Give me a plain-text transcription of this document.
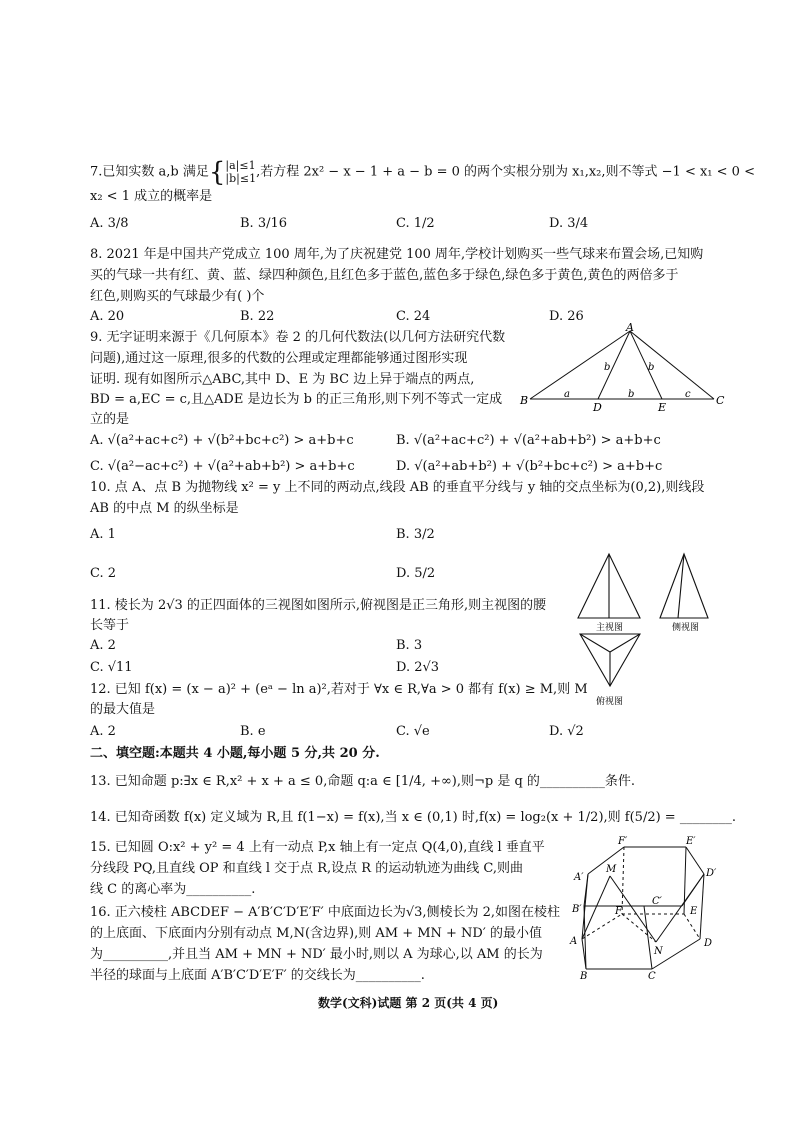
7.已知实数 a,b 满足{|a|≤1
|b|≤1,若方程 2x² − x − 1 + a − b = 0 的两个实根分别为 x₁,x₂,则不等式 −1 < x₁ < 0 <
x₂ < 1 成立的概率是
A. 3/8	B. 3/16	C. 1/2	D. 3/4
8. 2021 年是中国共产党成立 100 周年,为了庆祝建党 100 周年,学校计划购买一些气球来布置会场,已知购
买的气球一共有红、黄、蓝、绿四种颜色,且红色多于蓝色,蓝色多于绿色,绿色多于黄色,黄色的两倍多于
红色,则购买的气球最少有( )个
A. 20	B. 22	C. 24	D. 26
9. 无字证明来源于《几何原本》卷 2 的几何代数法(以几何方法研究代数
问题),通过这一原理,很多的代数的公理或定理都能够通过图形实现
证明. 现有如图所示△ABC,其中 D、E 为 BC 边上异于端点的两点,
BD = a,EC = c,且△ADE 是边长为 b 的正三角形,则下列不等式一定成
立的是
A. √(a²+ac+c²) + √(b²+bc+c²) > a+b+c	B. √(a²+ac+c²) + √(a²+ab+b²) > a+b+c
C. √(a²−ac+c²) + √(a²+ab+b²) > a+b+c	D. √(a²+ab+b²) + √(b²+bc+c²) > a+b+c
A
B	C
D	E
a	b	c
b	b
10. 点 A、点 B 为抛物线 x² = y 上不同的两动点,线段 AB 的垂直平分线与 y 轴的交点坐标为(0,2),则线段
AB 的中点 M 的纵坐标是
A. 1	B. 3/2
C. 2	D. 5/2
11. 棱长为 2√3 的正四面体的三视图如图所示,俯视图是正三角形,则主视图的腰
长等于
A. 2	B. 3
C. √11	D. 2√3
主视图	侧视图
俯视图
12. 已知 f(x) = (x − a)² + (eᵃ − ln a)²,若对于 ∀x ∈ R,∀a > 0 都有 f(x) ≥ M,则 M
的最大值是
A. 2	B. e	C. √e	D. √2
二、填空题:本题共 4 小题,每小题 5 分,共 20 分.
13. 已知命题 p:∃x ∈ R,x² + x + a ≤ 0,命题 q:a ∈ [1/4, +∞),则¬p 是 q 的__________条件.
14. 已知奇函数 f(x) 定义域为 R,且 f(1−x) = f(x),当 x ∈ (0,1) 时,f(x) = log₂(x + 1/2),则 f(5/2) = ________.
15. 已知圆 O:x² + y² = 4 上有一动点 P,x 轴上有一定点 Q(4,0),直线 l 垂直平
分线段 PQ,且直线 OP 和直线 l 交于点 R,设点 R 的运动轨迹为曲线 C,则曲
线 C 的离心率为__________.
16. 正六棱柱 ABCDEF − A′B′C′D′E′F′ 中底面边长为√3,侧棱长为 2,如图在棱柱
的上底面、下底面内分别有动点 M,N(含边界),则 AM + MN + ND′ 的最小值
为__________,并且当 AM + MN + ND′ 最小时,则以 A 为球心,以 AM 的长为
半径的球面与上底面 A′B′C′D′E′F′ 的交线长为__________.
F′	E′
A′	D′
M
B′	F
C′
E
A
N
D
B	C
数学(文科)试题 第 2 页(共 4 页)
